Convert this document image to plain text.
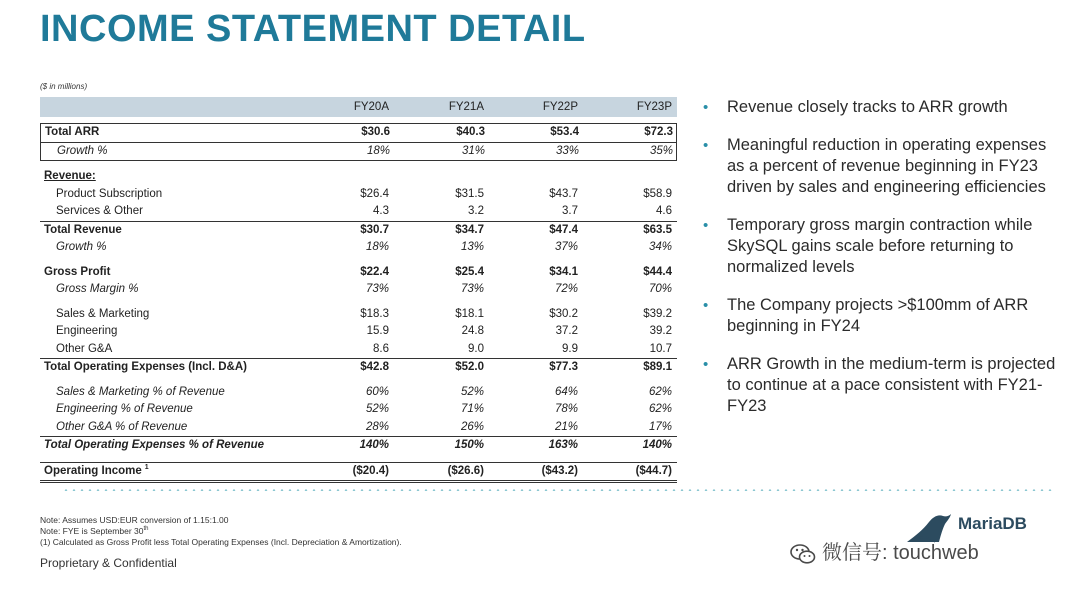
INCOME STATEMENT DETAIL
($ in millions)
FY20A	FY21A	FY22P	FY23P
Total ARR	$30.6	$40.3	$53.4	$72.3
Growth %	18%	31%	33%	35%
Revenue:
Product Subscription	$26.4	$31.5	$43.7	$58.9
Services & Other	4.3	3.2	3.7	4.6
Total Revenue	$30.7	$34.7	$47.4	$63.5
Growth %	18%	13%	37%	34%
Gross Profit	$22.4	$25.4	$34.1	$44.4
Gross Margin %	73%	73%	72%	70%
Sales & Marketing	$18.3	$18.1	$30.2	$39.2
Engineering	15.9	24.8	37.2	39.2
Other G&A	8.6	9.0	9.9	10.7
Total Operating Expenses (Incl. D&A)	$42.8	$52.0	$77.3	$89.1
Sales & Marketing % of Revenue	60%	52%	64%	62%
Engineering % of Revenue	52%	71%	78%	62%
Other G&A % of Revenue	28%	26%	21%	17%
Total Operating Expenses % of Revenue	140%	150%	163%	140%
Operating Income $^1$	($20.4)	($26.6)	($43.2)	($44.7)
• Revenue closely tracks to ARR growth
• Meaningful reduction in operating expenses as a percent of revenue beginning in FY23 driven by sales and engineering efficiencies
• Temporary gross margin contraction while SkySQL gains scale before returning to normalized levels
• The Company projects >$100mm of ARR beginning in FY24
• ARR Growth in the medium-term is projected to continue at a pace consistent with FY21-FY23
Note: Assumes USD:EUR conversion of 1.15:1.00
Note: FYE is September 30th
(1) Calculated as Gross Profit less Total Operating Expenses (Incl. Depreciation & Amortization).
Proprietary & Confidential
MariaDB
微信号: touchweb
